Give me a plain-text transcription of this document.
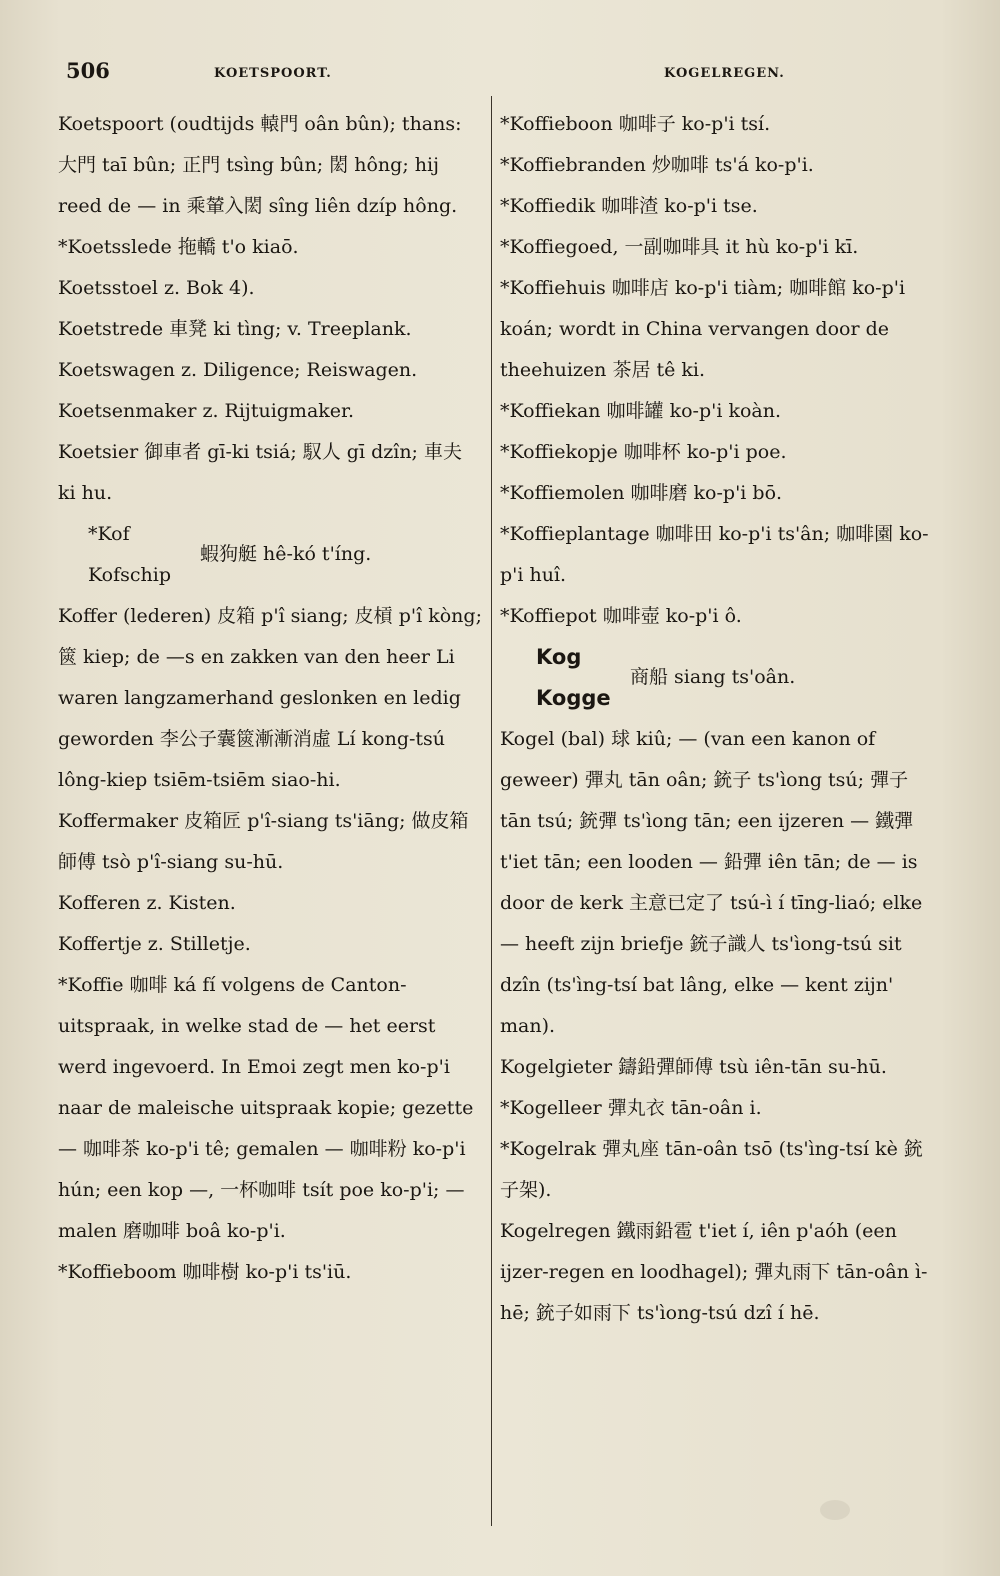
506	KOETSPOORT.	KOGELREGEN.

Koetspoort (oudtijds 轅門 oân bûn); thans: 大門 taī bûn; 正門 tsìng bûn; 閎 hông; hij reed de — in 乘輦入閎 sîng liên dzíp hông.

*Koetsslede 拖轎 t'o kiaō.

Koetsstoel z. Bok 4).

Koetstrede 車凳 ki tìng; v. Treeplank.

Koetswagen z. Diligence; Reiswagen.

Koetsenmaker z. Rijtuigmaker.

Koetsier 御車者 gī-ki tsiá; 馭人 gī dzîn; 車夫 ki hu.

*Kof
Kofschip
蝦狗艇 hê-kó t'íng.

Koffer (lederen) 皮箱 p'î siang; 皮槓 p'î kòng; 篋 kiep; de —s en zakken van den heer Li waren langzamerhand geslonken en ledig geworden 李公子囊篋漸漸消虛 Lí kong-tsú lông-kiep tsiēm-tsiēm siao-hi.

Koffermaker 皮箱匠 p'î-siang ts'iāng; 做皮箱師傅 tsò p'î-siang su-hū.

Kofferen z. Kisten.

Koffertje z. Stilletje.

*Koffie 咖啡 ká fí volgens de Canton-uitspraak, in welke stad de — het eerst werd ingevoerd. In Emoi zegt men ko-p'i naar de maleische uitspraak kopie; gezette — 咖啡茶 ko-p'i tê; gemalen — 咖啡粉 ko-p'i hún; een kop —, 一杯咖啡 tsít poe ko-p'i; — malen 磨咖啡 boâ ko-p'i.

*Koffieboom 咖啡樹 ko-p'i ts'iū.

*Koffieboon 咖啡子 ko-p'i tsí.

*Koffiebranden 炒咖啡 ts'á ko-p'i.

*Koffiedik 咖啡渣 ko-p'i tse.

*Koffiegoed, 一副咖啡具 it hù ko-p'i kī.

*Koffiehuis 咖啡店 ko-p'i tiàm; 咖啡館 ko-p'i koán; wordt in China vervangen door de theehuizen 茶居 tê ki.

*Koffiekan 咖啡罐 ko-p'i koàn.

*Koffiekopje 咖啡杯 ko-p'i poe.

*Koffiemolen 咖啡磨 ko-p'i bō.

*Koffieplantage 咖啡田 ko-p'i ts'ân; 咖啡園 ko-p'i huî.

*Koffiepot 咖啡壺 ko-p'i ô.

Kog
Kogge
商船 siang ts'oân.

Kogel (bal) 球 kiû; — (van een kanon of geweer) 彈丸 tān oân; 銃子 ts'ìong tsú; 彈子 tān tsú; 銃彈 ts'ìong tān; een ijzeren — 鐵彈 t'iet tān; een looden — 鉛彈 iên tān; de — is door de kerk 主意已定了 tsú-ì í tīng-liaó; elke — heeft zijn briefje 銃子識人 ts'ìong-tsú sit dzîn (ts'ìng-tsí bat lâng, elke — kent zijn' man).

Kogelgieter 鑄鉛彈師傅 tsù iên-tān su-hū.

*Kogelleer 彈丸衣 tān-oân i.

*Kogelrak 彈丸座 tān-oân tsō (ts'ìng-tsí kè 銃子架).

Kogelregen 鐵雨鉛雹 t'iet í, iên p'aóh (een ijzer-regen en loodhagel); 彈丸雨下 tān-oân ì-hē; 銃子如雨下 ts'ìong-tsú dzî í hē.
